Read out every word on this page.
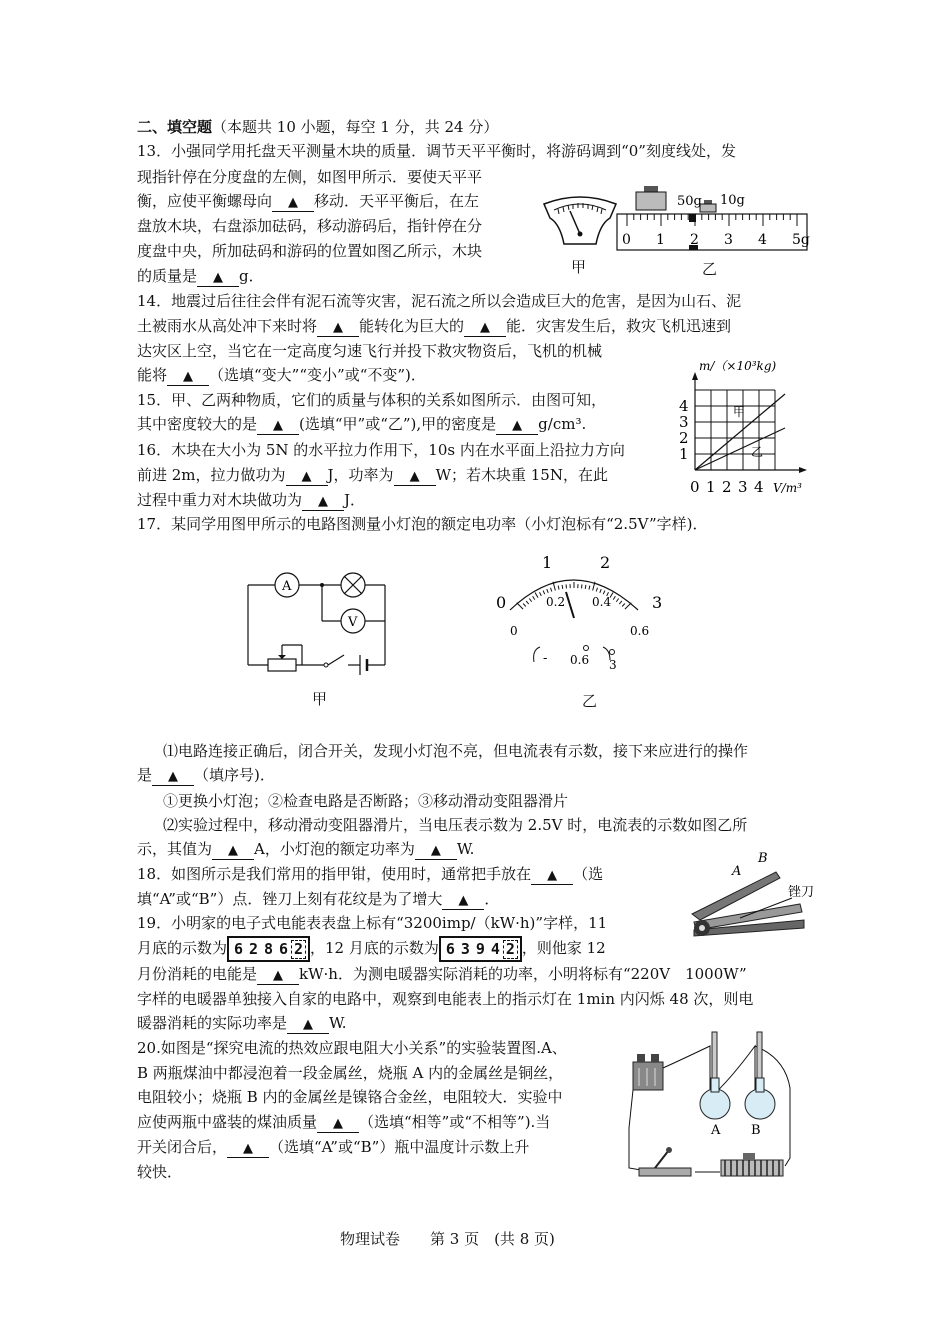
二、填空题（本题共 10 小题，每空 1 分，共 24 分）
13．小强同学用托盘天平测量木块的质量．调节天平平衡时，将游码调到“0”刻度线处，发
现指针停在分度盘的左侧，如图甲所示．要使天平平
衡，应使平衡螺母向 ▲	移动．天平平衡后，在左
盘放木块，右盘添加砝码，移动游码后，指针停在分
度盘中央，所加砝码和游码的位置如图乙所示，木块
的质量是 ▲	g．	甲
50g 10g
0 1 2 3 4 5g
乙
14．地震过后往往会伴有泥石流等灾害，泥石流之所以会造成巨大的危害，是因为山石、泥
土被雨水从高处冲下来时将 ▲	能转化为巨大的 ▲	能．灾害发生后，救灾飞机迅速到
达灾区上空，当它在一定高度匀速飞行并投下救灾物资后，飞机的机械
能将 ▲	（选填“变大”“变小”或“不变”)．
15．甲、乙两种物质，它们的质量与体积的关系如图所示．由图可知，
其中密度较大的是 ▲	(选填“甲”或“乙”),甲的密度是 ▲	g/cm³.
m/（×10³kg)
甲
乙
1
2
3
4
0 1 2 3 4 V/m³
16．木块在大小为 5N 的水平拉力作用下，10s 内在水平面上沿拉力方向
前进 2m，拉力做功为 ▲	J，功率为 ▲	W；若木块重 15N，在此
过程中重力对木块做功为 ▲	J．
17．某同学用图甲所示的电路图测量小灯泡的额定电功率（小灯泡标有“2.5V”字样)．
A
V
甲
0
1	2
3
0
0.2 0.4
0.6
- 0.6 3
乙
⑴电路连接正确后，闭合开关，发现小灯泡不亮，但电流表有示数，接下来应进行的操作
是 ▲	（填序号)．
①更换小灯泡；②检查电路是否断路；③移动滑动变阻器滑片
⑵实验过程中，移动滑动变阻器滑片，当电压表示数为 2.5V 时，电流表的示数如图乙所
示，其值为 ▲	A，小灯泡的额定功率为 ▲	W.
18．如图所示是我们常用的指甲钳，使用时，通常把手放在 ▲	（选
填“A”或“B”）点．锉刀上刻有花纹是为了增大 ▲	．
B
A
锉刀
19．小明家的电子式电能表表盘上标有“3200imp/（kW·h)”字样，11
月底的示数为 6 2 8 6 2 ，12 月底的示数为 6 3 9 4 2 ，则他家 12
月份消耗的电能是 ▲	kW·h．为测电暖器实际消耗的功率，小明将标有“220V　1000W”
字样的电暖器单独接入自家的电路中，观察到电能表上的指示灯在 1min 内闪烁 48 次，则电
暖器消耗的实际功率是 ▲	W.
20.如图是“探究电流的热效应跟电阻大小关系”的实验装置图.A、
B 两瓶煤油中都浸泡着一段金属丝，烧瓶 A 内的金属丝是铜丝，
电阻较小；烧瓶 B 内的金属丝是镍铬合金丝，电阻较大．实验中
应使两瓶中盛装的煤油质量 ▲	（选填“相等”或“不相等”).当
开关闭合后， ▲	（选填“A”或“B”）瓶中温度计示数上升
较快．
A B
物理试卷　　第 3 页　(共 8 页)
